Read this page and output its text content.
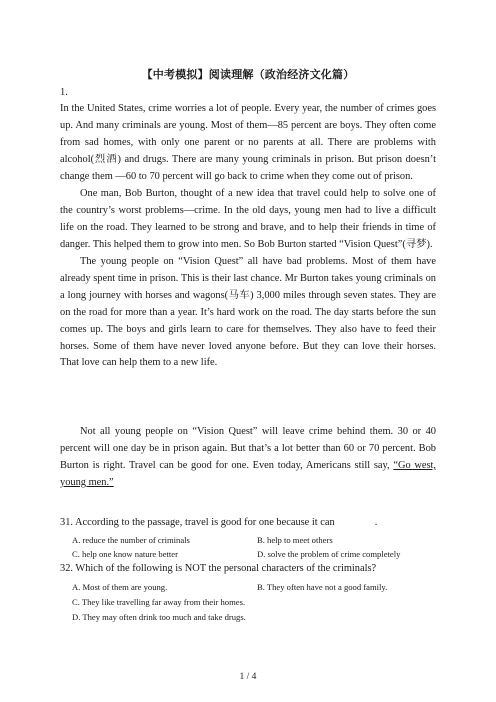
【中考模拟】阅读理解（政治经济文化篇）
1.

In the United States, crime worries a lot of people. Every year, the number of crimes goes up. And many criminals are young. Most of them—85 percent are boys. They often come from sad homes, with only one parent or no parents at all. There are problems with alcohol(烈酒) and drugs. There are many young criminals in prison. But prison doesn’t change them —60 to 70 percent will go back to crime when they come out of prison.

One man, Bob Burton, thought of a new idea that travel could help to solve one of the country’s worst problems—crime. In the old days, young men had to live a difficult life on the road. They learned to be strong and brave, and to help their friends in time of danger. This helped them to grow into men. So Bob Burton started “Vision Quest”(寻梦).

The young people on “Vision Quest” all have bad problems. Most of them have already spent time in prison. This is their last chance. Mr Burton takes young criminals on a long journey with horses and wagons(马车) 3,000 miles through seven states. They are on the road for more than a year. It’s hard work on the road. The day starts before the sun comes up. The boys and girls learn to care for themselves. They also have to feed their horses. Some of them have never loved anyone before. But they can love their horses. That love can help them to a new life.

Not all young people on “Vision Quest” will leave crime behind them. 30 or 40 percent will one day be in prison again. But that’s a lot better than 60 or 70 percent. Bob Burton is right. Travel can be good for one. Even today, Americans still say, “Go west, young men.”

31. According to the passage, travel is good for one because it can	.
A. reduce the number of criminals	B. help to meet others
C. help one know nature better	D. solve the problem of crime completely
32. Which of the following is NOT the personal characters of the criminals?
A. Most of them are young.	B. They often have not a good family.
C. They like travelling far away from their homes.
D. They may often drink too much and take drugs.
1 / 4
